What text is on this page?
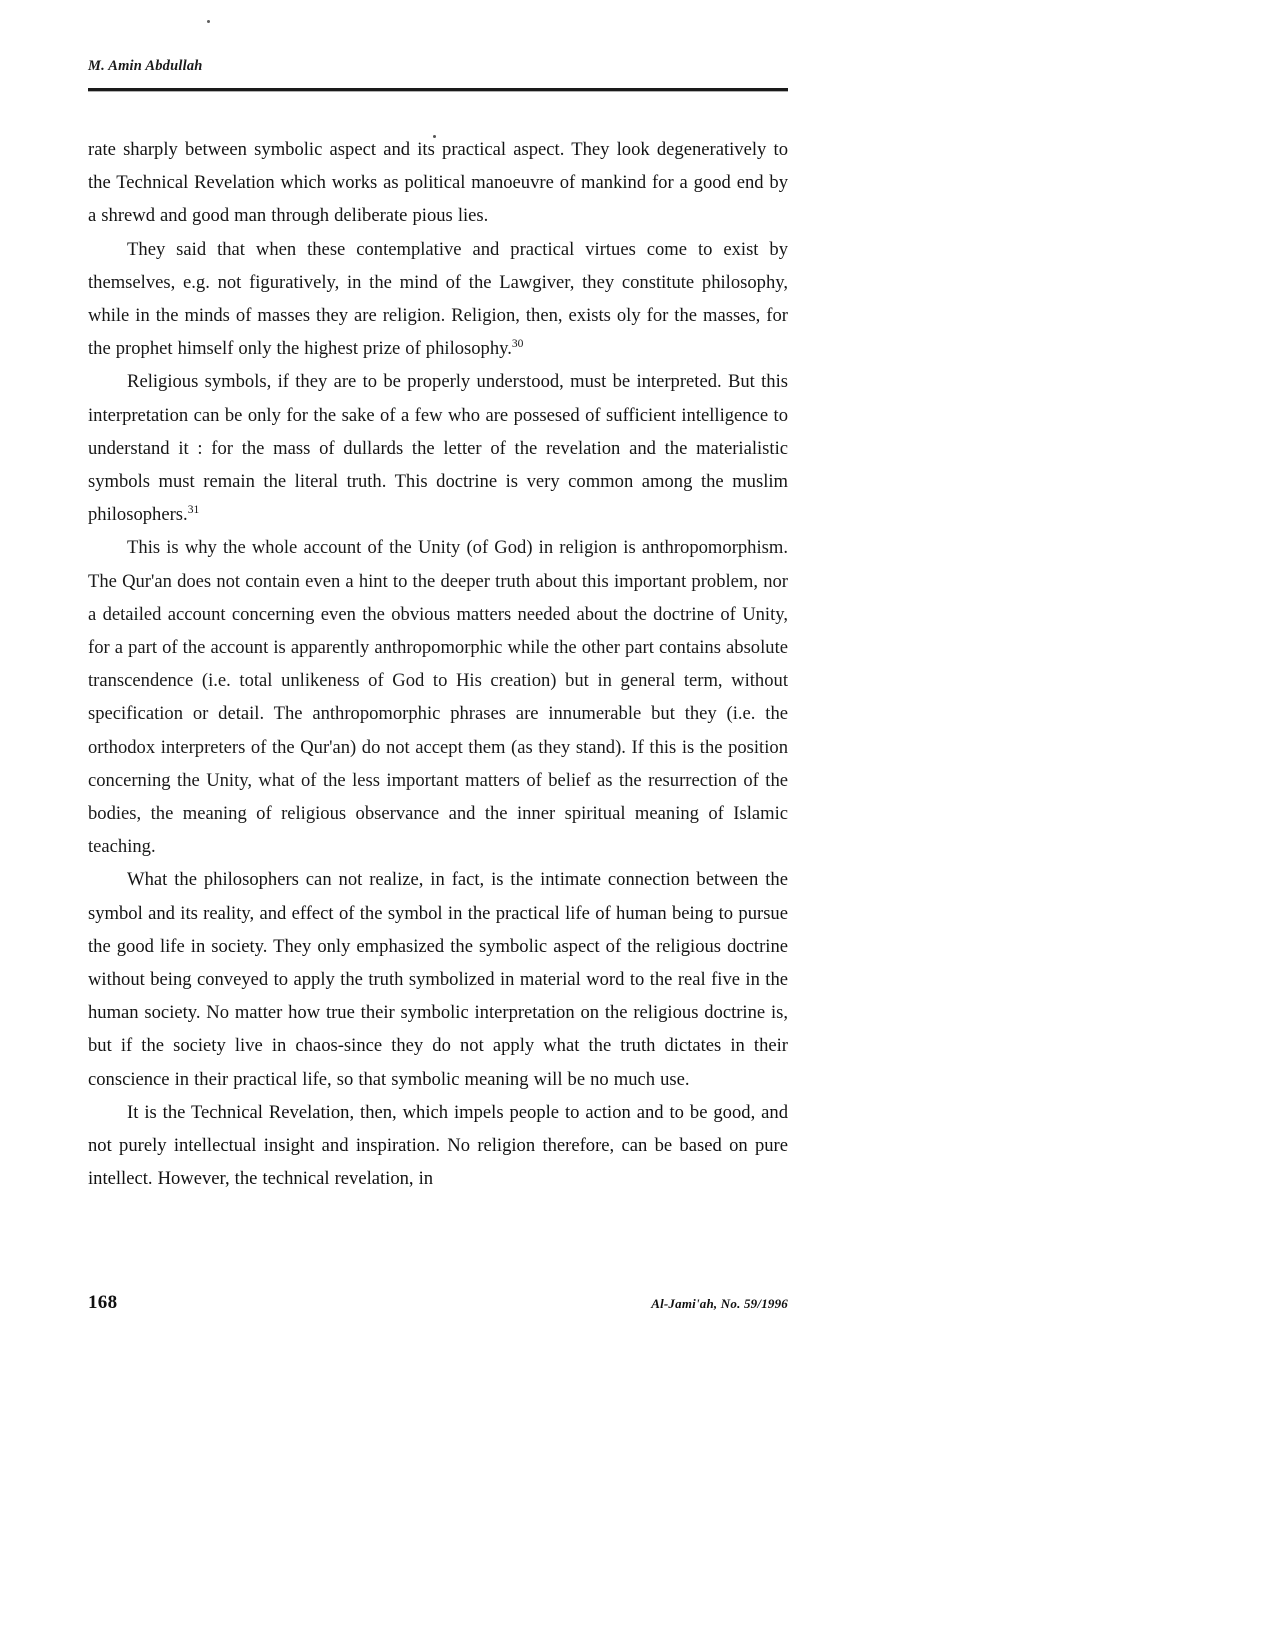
M. Amin Abdullah

rate sharply between symbolic aspect and its practical aspect. They look degeneratively to the Technical Revelation which works as political manoeuvre of mankind for a good end by a shrewd and good man through deliberate pious lies.

They said that when these contemplative and practical virtues come to exist by themselves, e.g. not figuratively, in the mind of the Lawgiver, they constitute philosophy, while in the minds of masses they are religion. Religion, then, exists oly for the masses, for the prophet himself only the highest prize of philosophy.$^{30}$

Religious symbols, if they are to be properly understood, must be interpreted. But this interpretation can be only for the sake of a few who are possesed of sufficient intelligence to understand it : for the mass of dullards the letter of the revelation and the materialistic symbols must remain the literal truth. This doctrine is very common among the muslim philosophers.$^{31}$

This is why the whole account of the Unity (of God) in religion is anthropomorphism. The Qur'an does not contain even a hint to the deeper truth about this important problem, nor a detailed account concerning even the obvious matters needed about the doctrine of Unity, for a part of the account is apparently anthropomorphic while the other part contains absolute transcendence (i.e. total unlikeness of God to His creation) but in general term, without specification or detail. The anthropomorphic phrases are innumerable but they (i.e. the orthodox interpreters of the Qur'an) do not accept them (as they stand). If this is the position concerning the Unity, what of the less important matters of belief as the resurrection of the bodies, the meaning of religious observance and the inner spiritual meaning of Islamic teaching.

What the philosophers can not realize, in fact, is the intimate connection between the symbol and its reality, and effect of the symbol in the practical life of human being to pursue the good life in society. They only emphasized the symbolic aspect of the religious doctrine without being conveyed to apply the truth symbolized in material word to the real five in the human society. No matter how true their symbolic interpretation on the religious doctrine is, but if the society live in chaos-since they do not apply what the truth dictates in their conscience in their practical life, so that symbolic meaning will be no much use.

It is the Technical Revelation, then, which impels people to action and to be good, and not purely intellectual insight and inspiration. No religion therefore, can be based on pure intellect. However, the technical revelation, in

168	Al-Jami'ah, No. 59/1996
